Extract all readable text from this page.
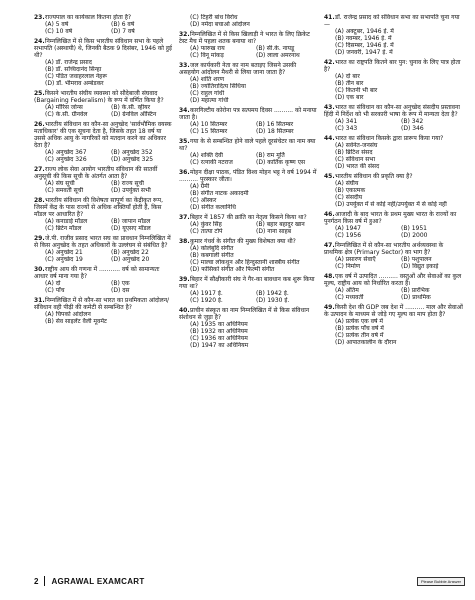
23.राज्यपाल का कार्यकाल कितना होता है?
(A) 5 वर्ष	(B) 6 वर्ष
(C) 10 वर्ष	(D) 7 वर्ष
24.निम्नलिखित में से किस भारतीय संविधान सभा के पहले सभापति (अस्थायी) थे, जिनकी बैठक 9 दिसंबर, 1946 को हुई थी?
(A) डॉ. राजेन्द्र प्रसाद
(B) डॉ. सच्चिदानंद सिन्हा
(C) पंडित जवाहरलाल नेहरू
(D) डॉ. भीमराव अम्बेडकर
25.किसने भारतीय संघीय व्यवस्था को सौदेबाजी संघवाद (Bargaining Federalism) के रूप में वर्णित किया है?
(A) मॉरिस जोन्स	(B) के.सी. व्हीयर
(C) के.सी. ग्रीनवेल	(D) ग्रेनविल ऑस्टिन
26.भारतीय संविधान का कौन-सा अनुच्छेद 'सार्वभौमिक वयस्क मताधिकार' की एक सूचना देता है, जिसके तहत 18 वर्ष या उससे अधिक आयु के नागरिकों को मतदान करने का अधिकार देता है?
(A) अनुच्छेद 367	(B) अनुच्छेद 352
(C) अनुच्छेद 326	(D) अनुच्छेद 325
27.राज्य लोक सेवा आयोग भारतीय संविधान की सातवीं अनुसूची की किस सूची के अंतर्गत आता है?
(A) संघ सूची	(B) राज्य सूची
(C) समवर्ती सूची	(D) उपर्युक्त सभी
28.भारतीय संविधान की विशेषता सापूर्ण का केंद्रीकृत रूप, जिसमें केंद्र के पास राज्यों से अधिक शक्तियाँ होती हैं, किस मॉडल पर आधारित है?
(A) कनाडाई मॉडल	(B) जापान मॉडल
(C) ब्रिटेन मॉडल	(D) यूएसए मॉडल
29.जे.पी. राजीव प्रसाद भारत सघ का प्रावधान निम्नलिखित में से किस अनुच्छेद के तहत अधिकारों के उल्लंघन से संबंधित है?
(A) अनुच्छेद 21	(B) अनुच्छेद 22
(C) अनुच्छेद 19	(D) अनुच्छेद 20
30.राष्ट्रीय आय की गणना में ........... वर्ष को सामान्यतः आधार वर्ष माना गया है?
(A) दो	(B) एक
(C) पाँच	(D) दस
31.निम्नलिखित में से कौन-सा भारत का प्रथमिकता आंदोलन/संविधान वही पीढ़ी की कमेटी से सम्बन्धित है?
(A) चिपको आंदोलन
(B) सेव साइलेंट वैली मूवमेंट
(C) टिहरी बांध विरोध
(D) नर्मदा बचाओ आंदोलन
32.निम्नलिखित में से किस खिलाड़ी ने भारत के लिए क्रिकेट टेस्ट मैच में पहला शतक बनाया था?
(A) फारुख राय	(B) सी.के. नायडू
(C) विनू मांकड़	(D) लाला अमरनाथ
33.जल कार्यकारी नेता का नाम बताइए जिसने उसकी असहयोग आंदोलन मैथरी से लिया जाना जाता है?
(A) शांति शरण
(B) ज्योतिरादित्य सिंधिया
(C) राहुल गांधी
(D) महात्मा गांधी
34.कारगिल्टीय कोरोना पत्र सत्यमय दिवस .......... को मनाया जाता है।
(A) 10 सितम्बर	(B) 16 सितम्बर
(C) 15 सितम्बर	(D) 18 सितम्बर
35.गया के से सम्बन्धित होने वाले पहले दूरसंचेटर का नाम क्या था?
(A) शक्ति देवी	(B) राम मूर्ति
(C) रत्नाकी नटराज	(D) कार्तिक कृष्ण एस
36.मोहन दीक्षा पाठक, पंडित विश्व मोहन भट्ट ने वर्ष 1994 में .......... पुरस्कार जीता।
(A) ग्रैमी
(B) संगीत नाटक अकादमी
(C) ऑस्कर
(D) संगीत कलानिधि
37.बिहार में 1857 की क्रांति का नेतृत्व किसने किया था?
(A) कुंवर सिंह	(B) बहार बहादुर खान
(C) तात्या टोपे	(D) नाना साहब
38.कुमार गंधर्व के संगीत की मुख्य विशेषता क्या थी?
(A) कोलंबुदि संगीत
(B) कबगाली संगीत
(C) माल्वा लोकधुन और हिन्दुस्तानी शास्त्रीय संगीत
(D) फोसिको संगीत और फिल्मी संगीत
39.बिहार में सौक्षीकारी संघ ने गैर-का बावधान कब शुरू किया गया था?
(A) 1917 ई.	(B) 1942 ई.
(C) 1920 ई.	(D) 1930 ई.
40.प्राचीन संस्कृत का नाम निम्नलिखित में से किस संविधान संशोधन से जुड़ा है?
(A) 1935 का अधिनियम
(B) 1932 का अधिनियम
(C) 1936 का अधिनियम
(D) 1947 का अधिनियम
41.डॉ. राजेन्द्र प्रसाद को संविधान सभा का सभापति चुना गया—
(A) अक्टूबर, 1946 ई. में
(B) नवम्बर, 1946 ई. में
(C) दिसम्बर, 1946 ई. में
(D) जनवरी, 1947 ई. में
42.भारत का राष्ट्रपति कितने बार पुन: चुनाव के लिए पात्र होता है?
(A) दो बार
(B) तीन बार
(C) कितनी भी बार
(D) एक बार
43.भारत का संविधान का कौन-सा अनुच्छेद संसदीय प्रस्तावना हिंदी में निर्देश को भी सरकारी भाषा के रूप में मान्यता देता है?
(A) 341	(B) 342
(C) 343	(D) 346
44.भारत का संविधान किसके द्वारा प्रारूप किया गया?
(A) सर्वनेत-जनसंघ
(B) ब्रिटिश संसद
(C) संविधान सभा
(D) भारत की संसद
45.भारतीय संविधान की प्रकृति क्या है?
(A) संघीय
(B) एकात्मक
(C) संसदीय
(D) उपर्युक्त में से कोई नहीं/उपर्युक्त में से कोई नहीं
46.आजादी के बाद भारत के प्रथम मुख्य भारत के राज्यों का पुनर्गठन किस वर्ष में हुआ?
(A) 1947	(B) 1951
(C) 1956	(D) 2000
47.निम्नलिखित में से कौन-सा भारतीय अर्थव्यवस्था के प्राथमिक क्षेत्र (Primary Sector) का भाग है?
(A) प्रसारण सेवाएँ	(B) पशुपालन
(C) निर्माण	(D) विद्युत इकाई
48.एक वर्ष में उत्पादित .......... वस्तुओं और सेवाओं का कुल मूल्य, राष्ट्रीय आय को निर्धारित करता है।
(A) अंतिम	(B) प्रारंभिक
(C) मध्यवर्ती	(D) प्राथमिक
49.किसी देश की GDP जब देश में .......... माल और सेवाओं के उत्पादन के माध्यम से जोड़े गए मूल्य का माप होता है?
(A) प्रत्येक एक वर्ष में
(B) प्रत्येक पाँच वर्ष में
(C) प्रत्येक तीन वर्ष में
(D) आपातकालीन के दौरान
2 AGRAWAL EXAMCART	Please Bubble Answer
